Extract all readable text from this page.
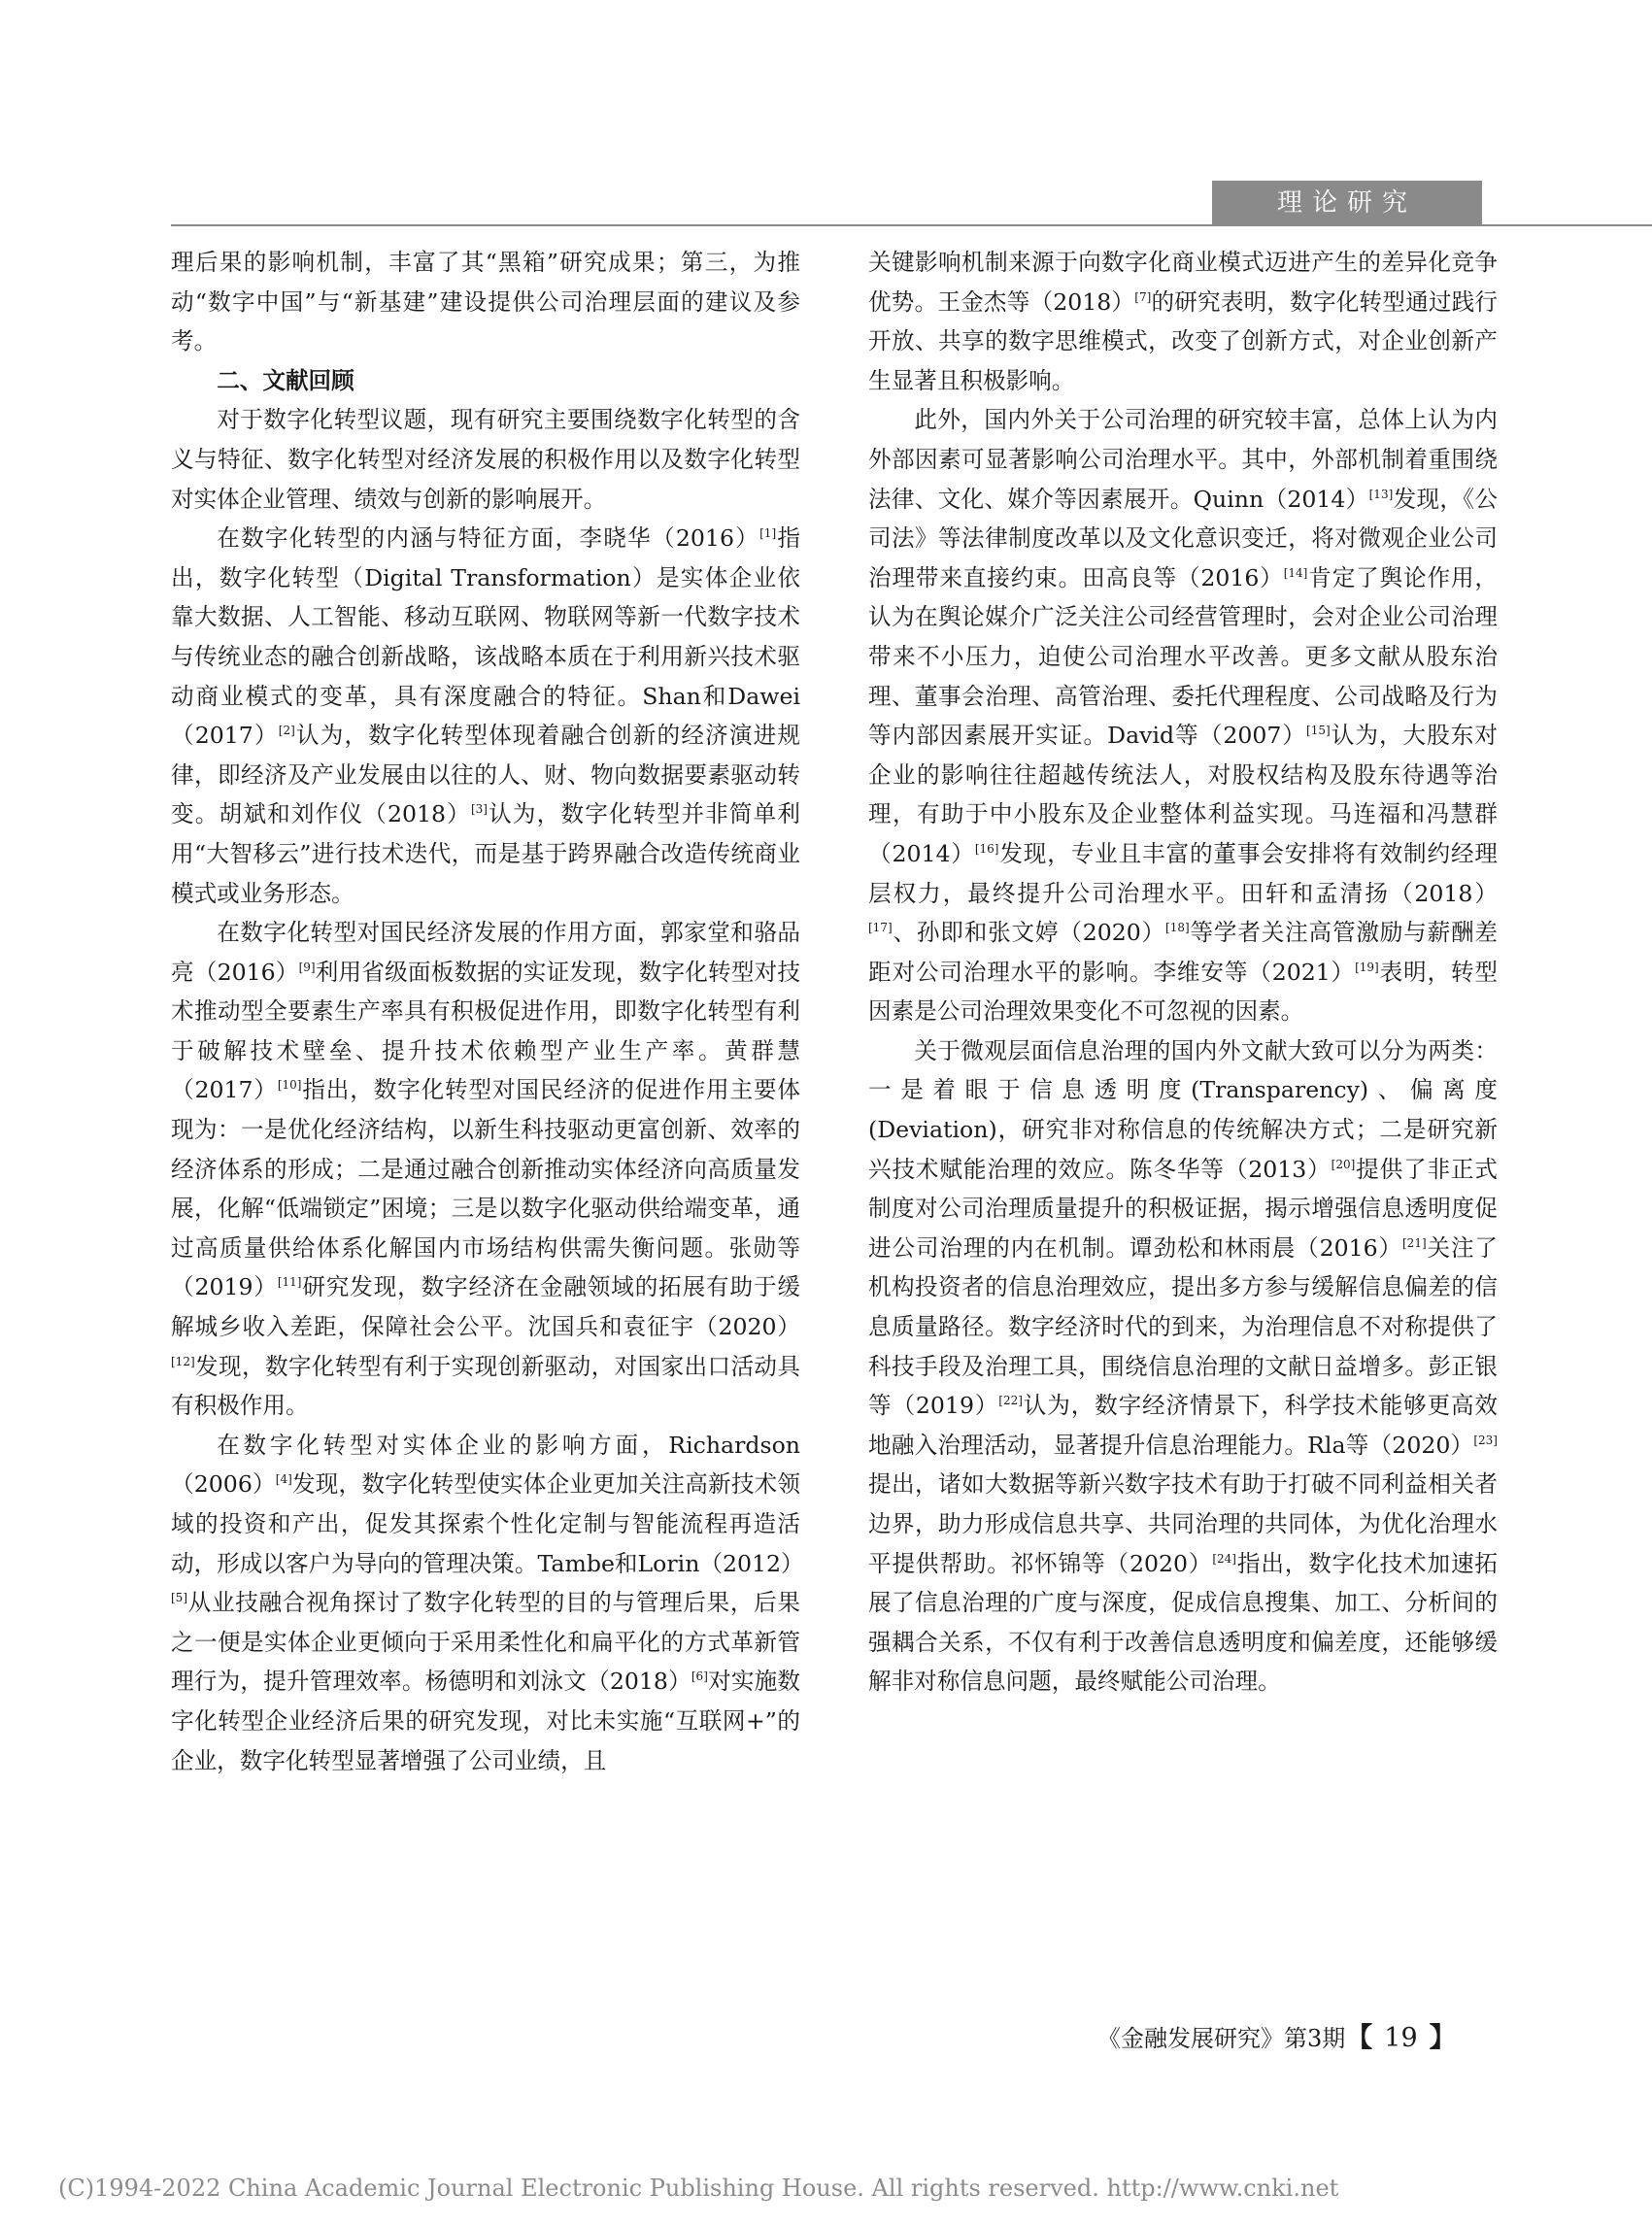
理论研究

理后果的影响机制，丰富了其“黑箱”研究成果；第三，为推动“数字中国”与“新基建”建设提供公司治理层面的建议及参考。

二、文献回顾

对于数字化转型议题，现有研究主要围绕数字化转型的含义与特征、数字化转型对经济发展的积极作用以及数字化转型对实体企业管理、绩效与创新的影响展开。

在数字化转型的内涵与特征方面，李晓华（2016）[1]指出，数字化转型（Digital Transformation）是实体企业依靠大数据、人工智能、移动互联网、物联网等新一代数字技术与传统业态的融合创新战略，该战略本质在于利用新兴技术驱动商业模式的变革，具有深度融合的特征。Shan和Dawei（2017）[2]认为，数字化转型体现着融合创新的经济演进规律，即经济及产业发展由以往的人、财、物向数据要素驱动转变。胡斌和刘作仪（2018）[3]认为，数字化转型并非简单利用“大智移云”进行技术迭代，而是基于跨界融合改造传统商业模式或业务形态。

在数字化转型对国民经济发展的作用方面，郭家堂和骆品亮（2016）[9]利用省级面板数据的实证发现，数字化转型对技术推动型全要素生产率具有积极促进作用，即数字化转型有利于破解技术壁垒、提升技术依赖型产业生产率。黄群慧（2017）[10]指出，数字化转型对国民经济的促进作用主要体现为：一是优化经济结构，以新生科技驱动更富创新、效率的经济体系的形成；二是通过融合创新推动实体经济向高质量发展，化解“低端锁定”困境；三是以数字化驱动供给端变革，通过高质量供给体系化解国内市场结构供需失衡问题。张勋等（2019）[11]研究发现，数字经济在金融领域的拓展有助于缓解城乡收入差距，保障社会公平。沈国兵和袁征宇（2020）[12]发现，数字化转型有利于实现创新驱动，对国家出口活动具有积极作用。

在数字化转型对实体企业的影响方面，Richardson（2006）[4]发现，数字化转型使实体企业更加关注高新技术领域的投资和产出，促发其探索个性化定制与智能流程再造活动，形成以客户为导向的管理决策。Tambe和Lorin（2012）[5]从业技融合视角探讨了数字化转型的目的与管理后果，后果之一便是实体企业更倾向于采用柔性化和扁平化的方式革新管理行为，提升管理效率。杨德明和刘泳文（2018）[6]对实施数字化转型企业经济后果的研究发现，对比未实施“互联网+”的企业，数字化转型显著增强了公司业绩，且

关键影响机制来源于向数字化商业模式迈进产生的差异化竞争优势。王金杰等（2018）[7]的研究表明，数字化转型通过践行开放、共享的数字思维模式，改变了创新方式，对企业创新产生显著且积极影响。

此外，国内外关于公司治理的研究较丰富，总体上认为内外部因素可显著影响公司治理水平。其中，外部机制着重围绕法律、文化、媒介等因素展开。Quinn（2014）[13]发现，《公司法》等法律制度改革以及文化意识变迁，将对微观企业公司治理带来直接约束。田高良等（2016）[14]肯定了舆论作用，认为在舆论媒介广泛关注公司经营管理时，会对企业公司治理带来不小压力，迫使公司治理水平改善。更多文献从股东治理、董事会治理、高管治理、委托代理程度、公司战略及行为等内部因素展开实证。David等（2007）[15]认为，大股东对企业的影响往往超越传统法人，对股权结构及股东待遇等治理，有助于中小股东及企业整体利益实现。马连福和冯慧群（2014）[16]发现，专业且丰富的董事会安排将有效制约经理层权力，最终提升公司治理水平。田轩和孟清扬（2018）[17]、孙即和张文婷（2020）[18]等学者关注高管激励与薪酬差距对公司治理水平的影响。李维安等（2021）[19]表明，转型因素是公司治理效果变化不可忽视的因素。

关于微观层面信息治理的国内外文献大致可以分为两类：一是着眼于信息透明度(Transparency)、偏离度(Deviation)，研究非对称信息的传统解决方式；二是研究新兴技术赋能治理的效应。陈冬华等（2013）[20]提供了非正式制度对公司治理质量提升的积极证据，揭示增强信息透明度促进公司治理的内在机制。谭劲松和林雨晨（2016）[21]关注了机构投资者的信息治理效应，提出多方参与缓解信息偏差的信息质量路径。数字经济时代的到来，为治理信息不对称提供了科技手段及治理工具，围绕信息治理的文献日益增多。彭正银等（2019）[22]认为，数字经济情景下，科学技术能够更高效地融入治理活动，显著提升信息治理能力。Rla等（2020）[23]提出，诸如大数据等新兴数字技术有助于打破不同利益相关者边界，助力形成信息共享、共同治理的共同体，为优化治理水平提供帮助。祁怀锦等（2020）[24]指出，数字化技术加速拓展了信息治理的广度与深度，促成信息搜集、加工、分析间的强耦合关系，不仅有利于改善信息透明度和偏差度，还能够缓解非对称信息问题，最终赋能公司治理。

《金融发展研究》第3期【 19 】
(C)1994-2022 China Academic Journal Electronic Publishing House. All rights reserved. http://www.cnki.net
